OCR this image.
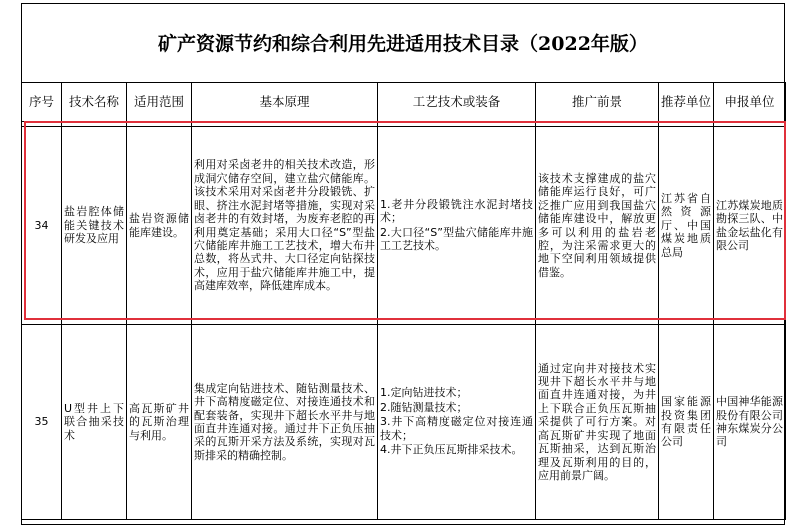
矿产资源节约和综合利用先进适用技术目录（2022年版）
序号	技术名称	适用范围	基本原理	工艺技术或装备	推广前景	推荐单位	申报单位

34	盐岩腔体储能关键技术研发及应用	盐岩资源储能库建设。	利用对采卤老井的相关技术改造，形成洞穴储存空间，建立盐穴储能库。该技术采用对采卤老井分段锻铣、扩眼、挤注水泥封堵等措施，实现对采卤老井的有效封堵，为废弃老腔的再利用奠定基础；采用大口径“S”型盐穴储能库井施工工艺技术，增大布井总数，将丛式井、大口径定向钻探技术，应用于盐穴储能库井施工中，提高建库效率，降低建库成本。	1.老井分段锻铣注水泥封堵技术；
2.大口径“S”型盐穴储能库井施工工艺技术。	该技术支撑建成的盐穴储能库运行良好，可广泛推广应用到我国盐穴储能库建设中，解放更多可以利用的盐岩老腔，为注采需求更大的地下空间利用领域提供借鉴。	江苏省自然资源厅、中国煤炭地质总局	江苏煤炭地质勘探三队、中盐金坛盐化有限公司
35	U型井上下联合抽采技术	高瓦斯矿井的瓦斯治理与利用。	集成定向钻进技术、随钻测量技术、井下高精度磁定位、对接连通技术和配套装备，实现井下超长水平井与地面直井连通对接。通过井下正负压抽采的瓦斯开采方法及系统，实现对瓦斯排采的精确控制。	1.定向钻进技术；
2.随钻测量技术；
3.井下高精度磁定位对接连通技术；
4.井下正负压瓦斯排采技术。	通过定向井对接技术实现井下超长水平井与地面直井连通对接，为井上下联合正负压瓦斯抽采提供了可行方案。对高瓦斯矿井实现了地面瓦斯抽采，达到瓦斯治理及瓦斯利用的目的，应用前景广阔。	国家能源投资集团有限责任公司	中国神华能源股份有限公司神东煤炭分公司
